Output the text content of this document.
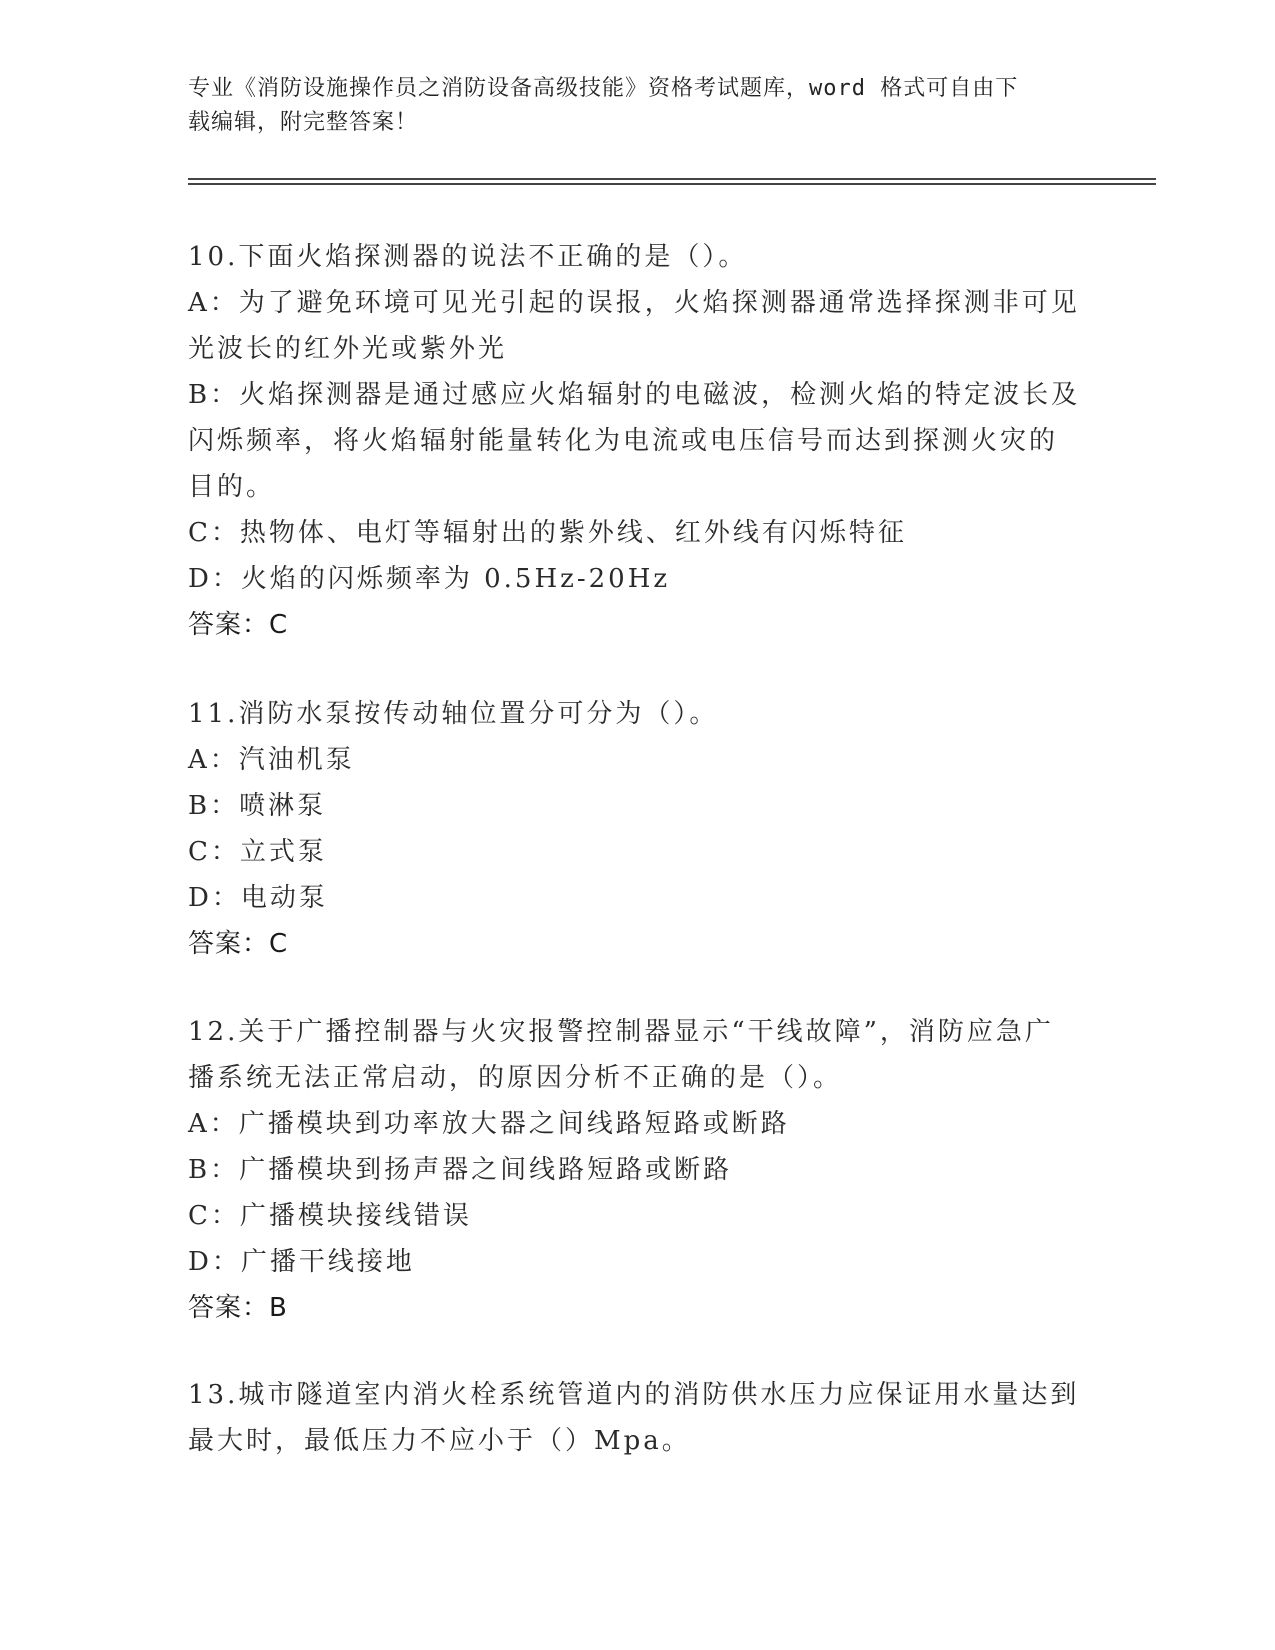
专业《消防设施操作员之消防设备高级技能》资格考试题库，word 格式可自由下
载编辑，附完整答案！
10.下面火焰探测器的说法不正确的是（）。
A：为了避免环境可见光引起的误报，火焰探测器通常选择探测非可见
光波长的红外光或紫外光
B：火焰探测器是通过感应火焰辐射的电磁波，检测火焰的特定波长及
闪烁频率，将火焰辐射能量转化为电流或电压信号而达到探测火灾的
目的。
C：热物体、电灯等辐射出的紫外线、红外线有闪烁特征
D：火焰的闪烁频率为 0.5Hz-20Hz
答案：C
11.消防水泵按传动轴位置分可分为（）。
A：汽油机泵
B：喷淋泵
C：立式泵
D：电动泵
答案：C
12.关于广播控制器与火灾报警控制器显示“干线故障”，消防应急广
播系统无法正常启动，的原因分析不正确的是（）。
A：广播模块到功率放大器之间线路短路或断路
B：广播模块到扬声器之间线路短路或断路
C：广播模块接线错误
D：广播干线接地
答案：B
13.城市隧道室内消火栓系统管道内的消防供水压力应保证用水量达到
最大时，最低压力不应小于（）Mpa。
